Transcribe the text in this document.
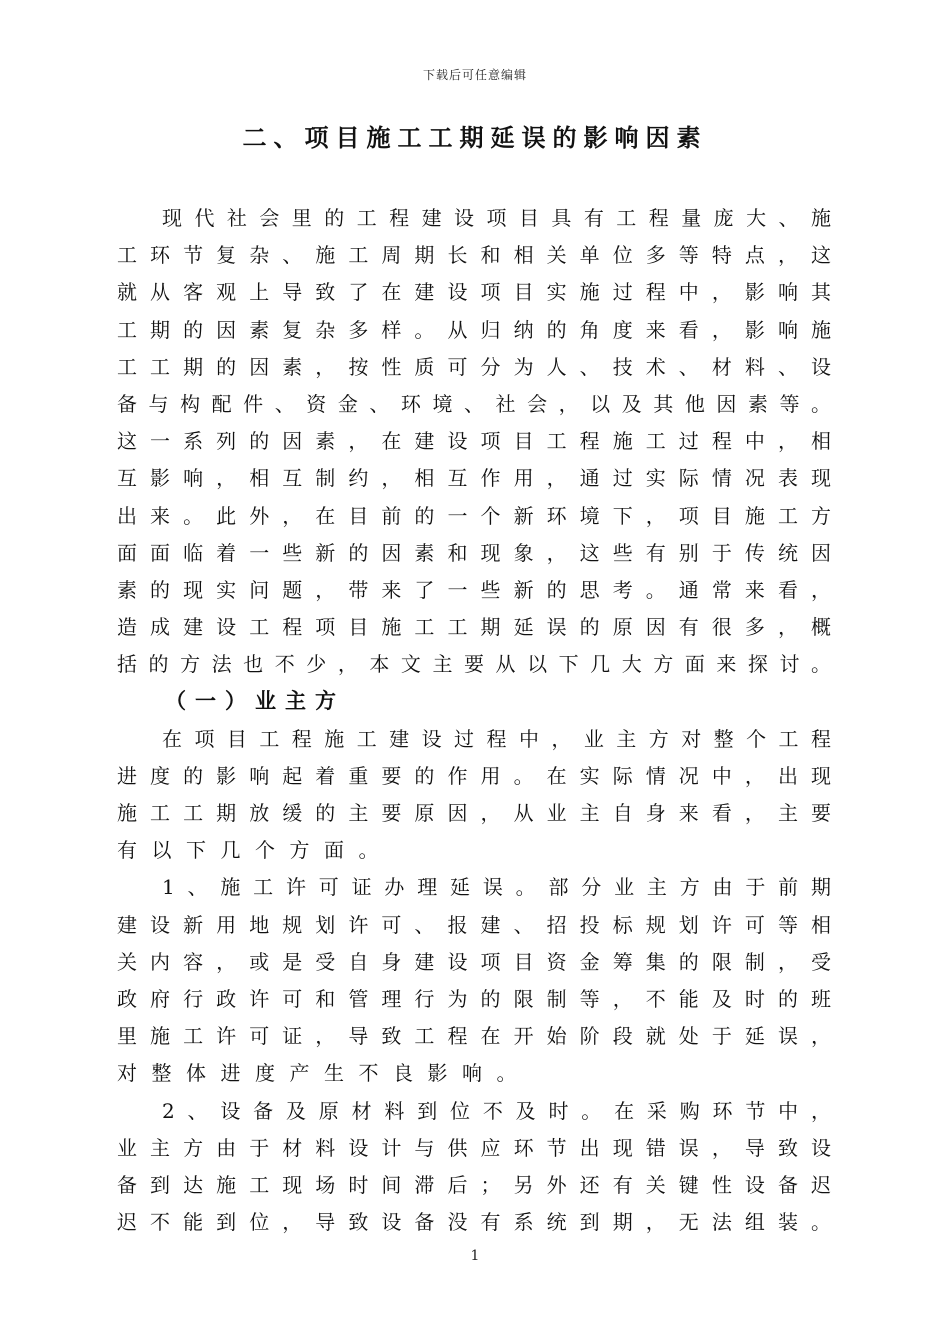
下载后可任意编辑
二、项目施工工期延误的影响因素
现代社会里的工程建设项目具有工程量庞大、施
工环节复杂、施工周期长和相关单位多等特点，这
就从客观上导致了在建设项目实施过程中，影响其
工期的因素复杂多样。从归纳的角度来看，影响施
工工期的因素，按性质可分为人、技术、材料、设
备与构配件、资金、环境、社会，以及其他因素等。
这一系列的因素，在建设项目工程施工过程中，相
互影响，相互制约，相互作用，通过实际情况表现
出来。此外，在目前的一个新环境下，项目施工方
面面临着一些新的因素和现象，这些有别于传统因
素的现实问题，带来了一些新的思考。通常来看，
造成建设工程项目施工工期延误的原因有很多，概
括的方法也不少，本文主要从以下几大方面来探讨。
（一）业主方
在项目工程施工建设过程中，业主方对整个工程
进度的影响起着重要的作用。在实际情况中，出现
施工工期放缓的主要原因，从业主自身来看，主要
有以下几个方面。
1、施工许可证办理延误。部分业主方由于前期
建设新用地规划许可、报建、招投标规划许可等相
关内容，或是受自身建设项目资金筹集的限制，受
政府行政许可和管理行为的限制等，不能及时的班
里施工许可证，导致工程在开始阶段就处于延误，
对整体进度产生不良影响。
2、设备及原材料到位不及时。在采购环节中，
业主方由于材料设计与供应环节出现错误，导致设
备到达施工现场时间滞后；另外还有关键性设备迟
迟不能到位，导致设备没有系统到期，无法组装。
1
